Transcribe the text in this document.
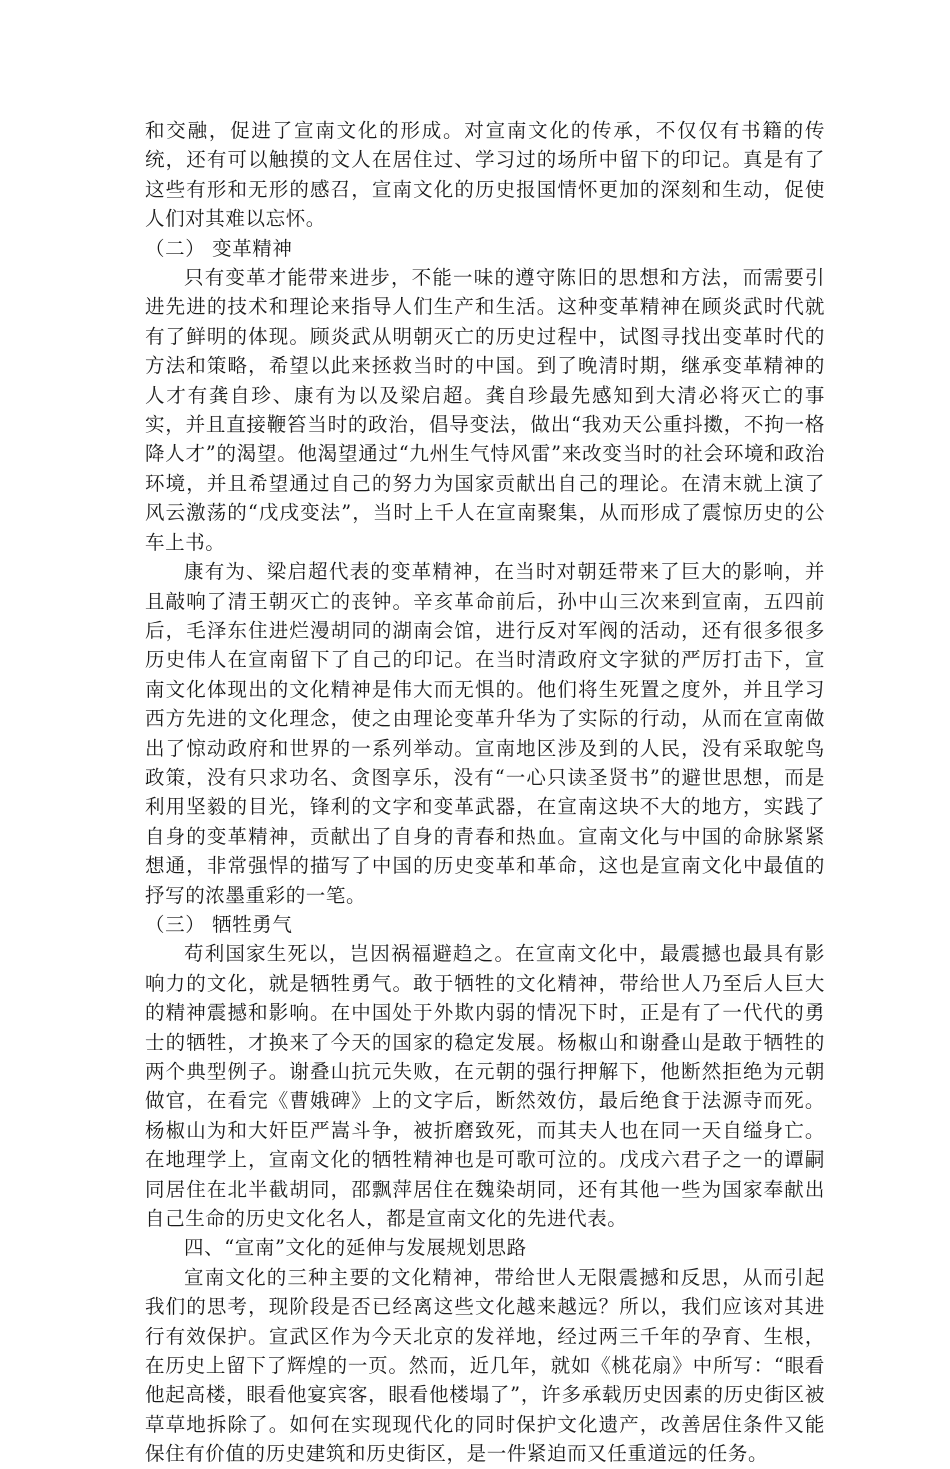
和交融，促进了宣南文化的形成。对宣南文化的传承，不仅仅有书籍的传统，还有可以触摸的文人在居住过、学习过的场所中留下的印记。真是有了这些有形和无形的感召，宣南文化的历史报国情怀更加的深刻和生动，促使人们对其难以忘怀。

（二） 变革精神

只有变革才能带来进步，不能一味的遵守陈旧的思想和方法，而需要引进先进的技术和理论来指导人们生产和生活。这种变革精神在顾炎武时代就有了鲜明的体现。顾炎武从明朝灭亡的历史过程中，试图寻找出变革时代的方法和策略，希望以此来拯救当时的中国。到了晚清时期，继承变革精神的人才有龚自珍、康有为以及梁启超。龚自珍最先感知到大清必将灭亡的事实，并且直接鞭笞当时的政治，倡导变法，做出“我劝天公重抖擞，不拘一格降人才”的渴望。他渴望通过“九州生气恃风雷”来改变当时的社会环境和政治环境，并且希望通过自己的努力为国家贡献出自己的理论。在清末就上演了风云激荡的“戊戌变法”，当时上千人在宣南聚集，从而形成了震惊历史的公车上书。

康有为、梁启超代表的变革精神，在当时对朝廷带来了巨大的影响，并且敲响了清王朝灭亡的丧钟。辛亥革命前后，孙中山三次来到宣南，五四前后，毛泽东住进烂漫胡同的湖南会馆，进行反对军阀的活动，还有很多很多历史伟人在宣南留下了自己的印记。在当时清政府文字狱的严厉打击下，宣南文化体现出的文化精神是伟大而无惧的。他们将生死置之度外，并且学习西方先进的文化理念，使之由理论变革升华为了实际的行动，从而在宣南做出了惊动政府和世界的一系列举动。宣南地区涉及到的人民，没有采取鸵鸟政策，没有只求功名、贪图享乐，没有“一心只读圣贤书”的避世思想，而是利用坚毅的目光，锋利的文字和变革武器，在宣南这块不大的地方，实践了自身的变革精神，贡献出了自身的青春和热血。宣南文化与中国的命脉紧紧想通，非常强悍的描写了中国的历史变革和革命，这也是宣南文化中最值的抒写的浓墨重彩的一笔。

（三） 牺牲勇气

苟利国家生死以，岂因祸福避趋之。在宣南文化中，最震撼也最具有影响力的文化，就是牺牲勇气。敢于牺牲的文化精神，带给世人乃至后人巨大的精神震撼和影响。在中国处于外欺内弱的情况下时，正是有了一代代的勇士的牺牲，才换来了今天的国家的稳定发展。杨椒山和谢叠山是敢于牺牲的两个典型例子。谢叠山抗元失败，在元朝的强行押解下，他断然拒绝为元朝做官，在看完《曹娥碑》上的文字后，断然效仿，最后绝食于法源寺而死。杨椒山为和大奸臣严嵩斗争，被折磨致死，而其夫人也在同一天自缢身亡。在地理学上，宣南文化的牺牲精神也是可歌可泣的。戊戌六君子之一的谭嗣同居住在北半截胡同，邵飘萍居住在魏染胡同，还有其他一些为国家奉献出自己生命的历史文化名人，都是宣南文化的先进代表。

四、“宣南”文化的延伸与发展规划思路

宣南文化的三种主要的文化精神，带给世人无限震撼和反思，从而引起我们的思考，现阶段是否已经离这些文化越来越远？所以，我们应该对其进行有效保护。宣武区作为今天北京的发祥地，经过两三千年的孕育、生根，在历史上留下了辉煌的一页。然而，近几年，就如《桃花扇》中所写：“眼看他起高楼，眼看他宴宾客，眼看他楼塌了”，许多承载历史因素的历史街区被草草地拆除了。如何在实现现代化的同时保护文化遗产，改善居住条件又能保住有价值的历史建筑和历史街区，是一件紧迫而又任重道远的任务。
